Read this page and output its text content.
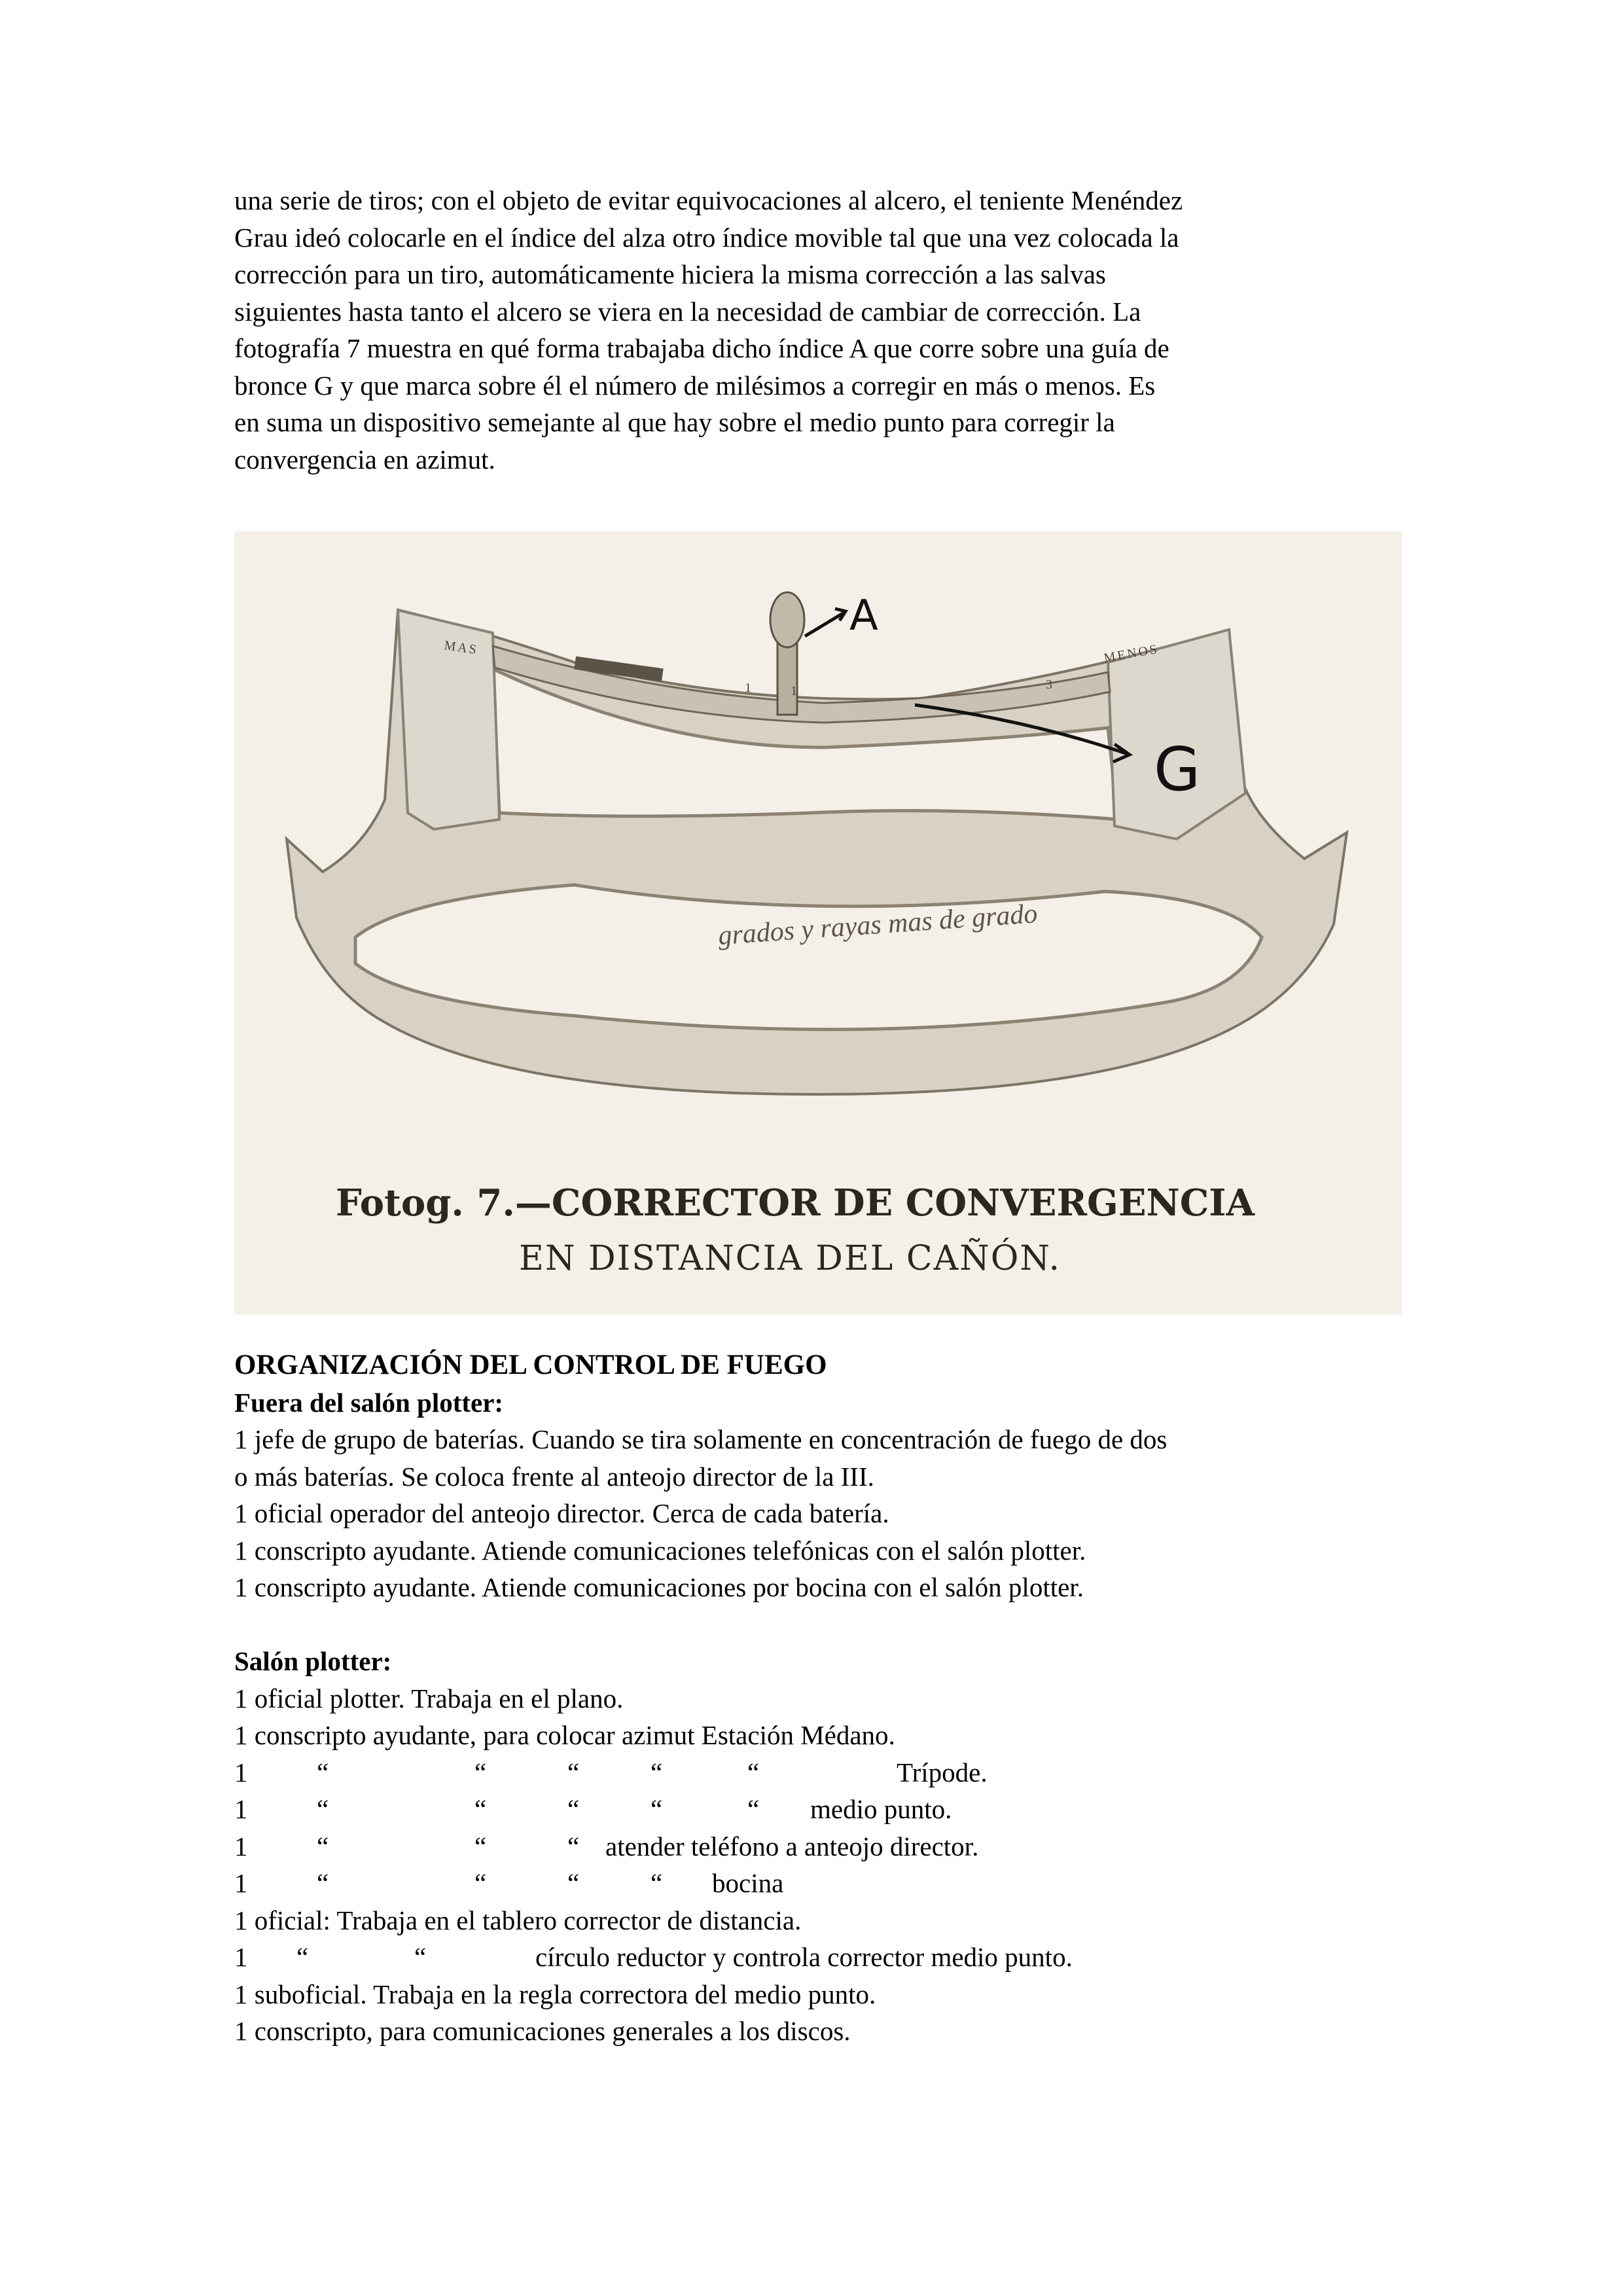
una serie de tiros; con el objeto de evitar equivocaciones al alcero, el teniente Menéndez
Grau ideó colocarle en el índice del alza otro índice movible tal que una vez colocada la
corrección para un tiro, automáticamente hiciera la misma corrección a las salvas
siguientes hasta tanto el alcero se viera en la necesidad de cambiar de corrección. La
fotografía 7 muestra en qué forma trabajaba dicho índice A que corre sobre una guía de
bronce G y que marca sobre él el número de milésimos a corregir en más o menos. Es
en suma un dispositivo semejante al que hay sobre el medio punto para corregir la
convergencia en azimut.

A
G
MAS	MENOS
1	1	3
grados y rayas mas de grado
Fotog. 7.—CORRECTOR DE CONVERGENCIA
EN DISTANCIA DEL CAÑÓN.
ORGANIZACIÓN DEL CONTROL DE FUEGO
Fuera del salón plotter:
1 jefe de grupo de baterías. Cuando se tira solamente en concentración de fuego de dos
o más baterías. Se coloca frente al anteojo director de la III.
1 oficial operador del anteojo director. Cerca de cada batería.
1 conscripto ayudante. Atiende comunicaciones telefónicas con el salón plotter.
1 conscripto ayudante. Atiende comunicaciones por bocina con el salón plotter.
Salón plotter:
1 oficial plotter. Trabaja en el plano.
1 conscripto ayudante, para colocar azimut Estación Médano.
1	“	“	“	“	“	Trípode.
1	“	“	“	“	“ medio punto.
1	“	“	“ atender teléfono a anteojo director.
1	“	“	“	“ bocina
1 oficial: Trabaja en el tablero corrector de distancia.
1 “	“	círculo reductor y controla corrector medio punto.
1 suboficial. Trabaja en la regla correctora del medio punto.
1 conscripto, para comunicaciones generales a los discos.
